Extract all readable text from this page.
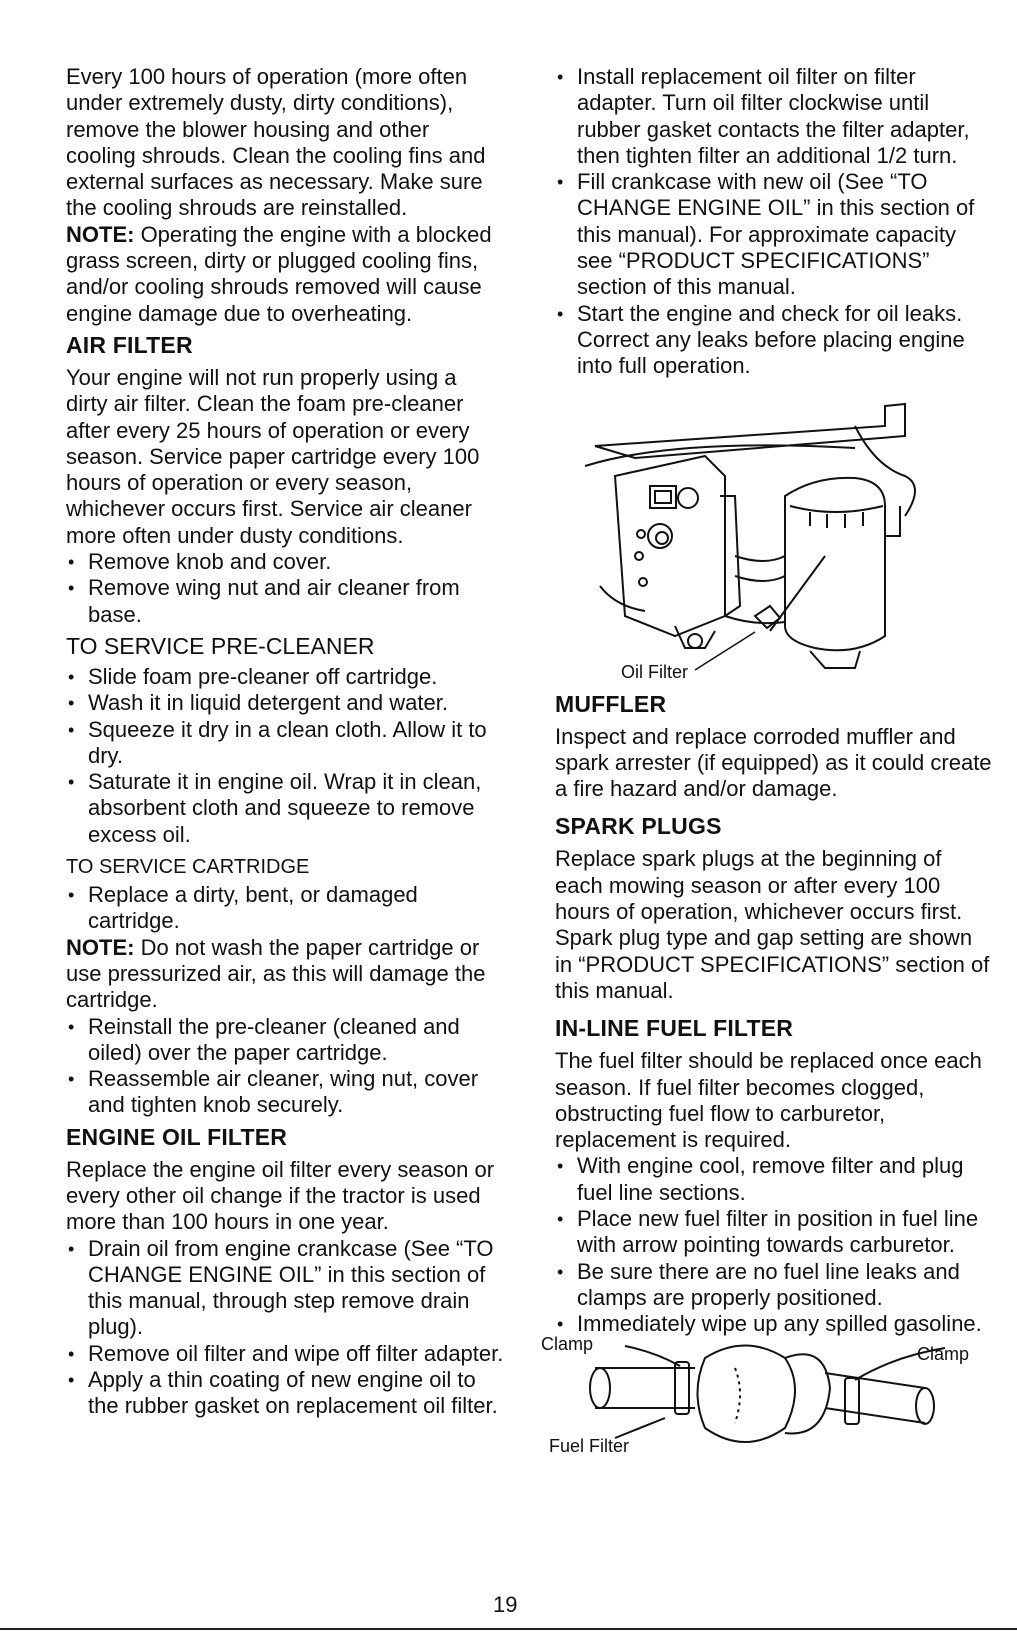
Every 100 hours of operation (more often under extremely dusty, dirty conditions), remove the blower housing and other cooling shrouds. Clean the cooling fins and external surfaces as necessary. Make sure the cooling shrouds are reinstalled.

NOTE: Operating the engine with a blocked grass screen, dirty or plugged cooling fins, and/or cooling shrouds removed will cause engine damage due to overheating.

AIR FILTER

Your engine will not run properly using a dirty air filter. Clean the foam pre-cleaner after every 25 hours of operation or every season. Service paper cartridge every 100 hours of operation or every season, whichever occurs first. Service air cleaner more often under dusty conditions.

• Remove knob and cover.
• Remove wing nut and air cleaner from base.
TO SERVICE PRE-CLEANER
• Slide foam pre-cleaner off cartridge.
• Wash it in liquid detergent and water.
• Squeeze it dry in a clean cloth. Allow it to dry.
• Saturate it in engine oil. Wrap it in clean, absorbent cloth and squeeze to remove excess oil.
TO SERVICE CARTRIDGE
• Replace a dirty, bent, or damaged cartridge.

NOTE: Do not wash the paper cartridge or use pressurized air, as this will damage the cartridge.

• Reinstall the pre-cleaner (cleaned and oiled) over the paper cartridge.
• Reassemble air cleaner, wing nut, cover and tighten knob securely.
ENGINE OIL FILTER

Replace the engine oil filter every season or every other oil change if the tractor is used more than 100 hours in one year.

• Drain oil from engine crankcase (See “TO CHANGE ENGINE OIL” in this section of this manual, through step remove drain plug).
• Remove oil filter and wipe off filter adapter.
• Apply a thin coating of new engine oil to the rubber gasket on replacement oil filter.
• Install replacement oil filter on filter adapter. Turn oil filter clockwise until rubber gasket contacts the filter adapter, then tighten filter an additional 1/2 turn.
• Fill crankcase with new oil (See “TO CHANGE ENGINE OIL” in this section of this manual). For approximate capacity see “PRODUCT SPECIFICATIONS” section of this manual.
• Start the engine and check for oil leaks. Correct any leaks before placing engine into full operation.
Oil Filter
MUFFLER

Inspect and replace corroded muffler and spark arrester (if equipped) as it could create a fire hazard and/or damage.

SPARK PLUGS

Replace spark plugs at the beginning of each mowing season or after every 100 hours of operation, whichever occurs first. Spark plug type and gap setting are shown in “PRODUCT SPECIFICATIONS” section of this manual.

IN-LINE FUEL FILTER

The fuel filter should be replaced once each season. If fuel filter becomes clogged, obstructing fuel flow to carburetor, replacement is required.

• With engine cool, remove filter and plug fuel line sections.
• Place new fuel filter in position in fuel line with arrow pointing towards carburetor.
• Be sure there are no fuel line leaks and clamps are properly positioned.
• Immediately wipe up any spilled gasoline.
Clamp	Clamp
Fuel Filter
19
